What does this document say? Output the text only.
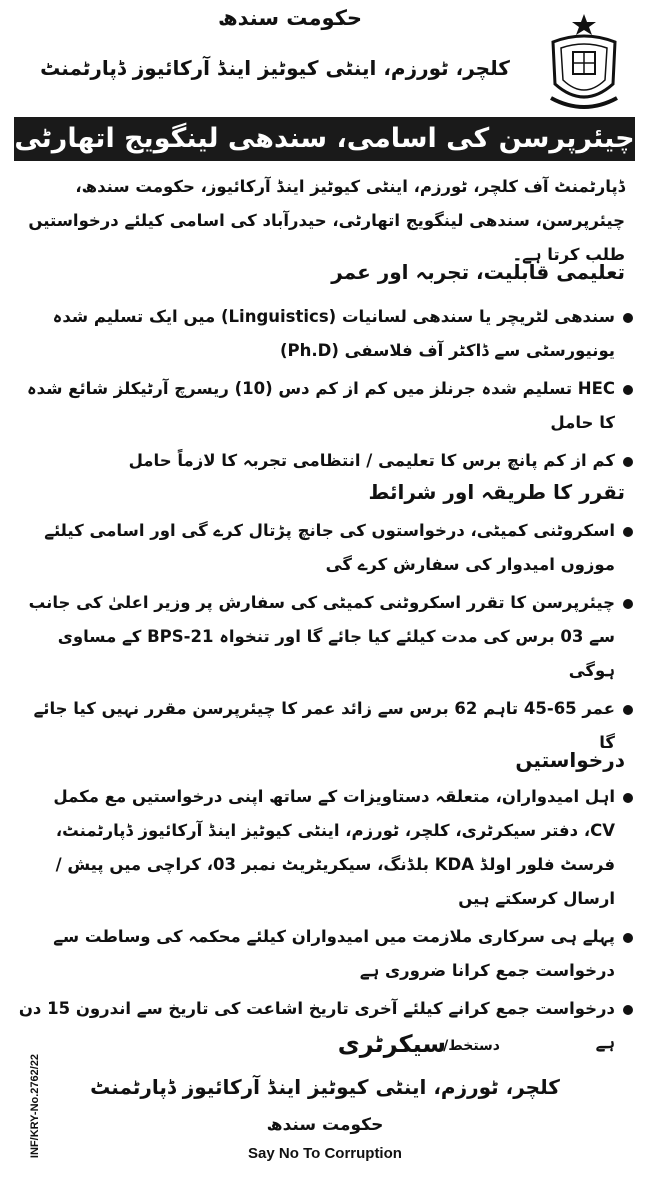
حکومت سندھ
کلچر، ٹورزم، اینٹی کیوٹیز اینڈ آرکائیوز ڈپارٹمنٹ
چیئرپرسن کی اسامی، سندھی لینگویج اتھارٹی
ڈپارٹمنٹ آف کلچر، ٹورزم، اینٹی کیوٹیز اینڈ آرکائیوز، حکومت سندھ، چیئرپرسن، سندھی لینگویج اتھارٹی، حیدرآباد کی اسامی کیلئے درخواستیں طلب کرتا ہے۔
تعلیمی قابلیت، تجربہ اور عمر
سندھی لٹریچر یا سندھی لسانیات (Linguistics) میں ایک تسلیم شدہ یونیورسٹی سے ڈاکٹر آف فلاسفی (Ph.D)
HEC تسلیم شدہ جرنلز میں کم از کم دس (10) ریسرچ آرٹیکلز شائع شدہ کا حامل
کم از کم پانچ برس کا تعلیمی / انتظامی تجربہ کا لازماً حامل
تقرر کا طریقہ اور شرائط
اسکروٹنی کمیٹی، درخواستوں کی جانچ پڑتال کرے گی اور اسامی کیلئے موزوں امیدوار کی سفارش کرے گی
چیئرپرسن کا تقرر اسکروٹنی کمیٹی کی سفارش پر وزیر اعلیٰ کی جانب سے 03 برس کی مدت کیلئے کیا جائے گا اور تنخواہ BPS-21 کے مساوی ہوگی
عمر 65-45 تاہم 62 برس سے زائد عمر کا چیئرپرسن مقرر نہیں کیا جائے گا
درخواستیں
اہل امیدواران، متعلقہ دستاویزات کے ساتھ اپنی درخواستیں مع مکمل CV، دفتر سیکرٹری، کلچر، ٹورزم، اینٹی کیوٹیز اینڈ آرکائیوز ڈپارٹمنٹ، فرسٹ فلور اولڈ KDA بلڈنگ، سیکریٹریٹ نمبر 03، کراچی میں پیش / ارسال کرسکتے ہیں
پہلے ہی سرکاری ملازمت میں امیدواران کیلئے محکمہ کی وساطت سے درخواست جمع کرانا ضروری ہے
درخواست جمع کرانے کیلئے آخری تاریخ اشاعت کی تاریخ سے اندرون 15 دن ہے
دستخط/
سیکرٹری
کلچر، ٹورزم، اینٹی کیوٹیز اینڈ آرکائیوز ڈپارٹمنٹ
حکومت سندھ
Say No To Corruption
INF/KRY-No.2762/22
